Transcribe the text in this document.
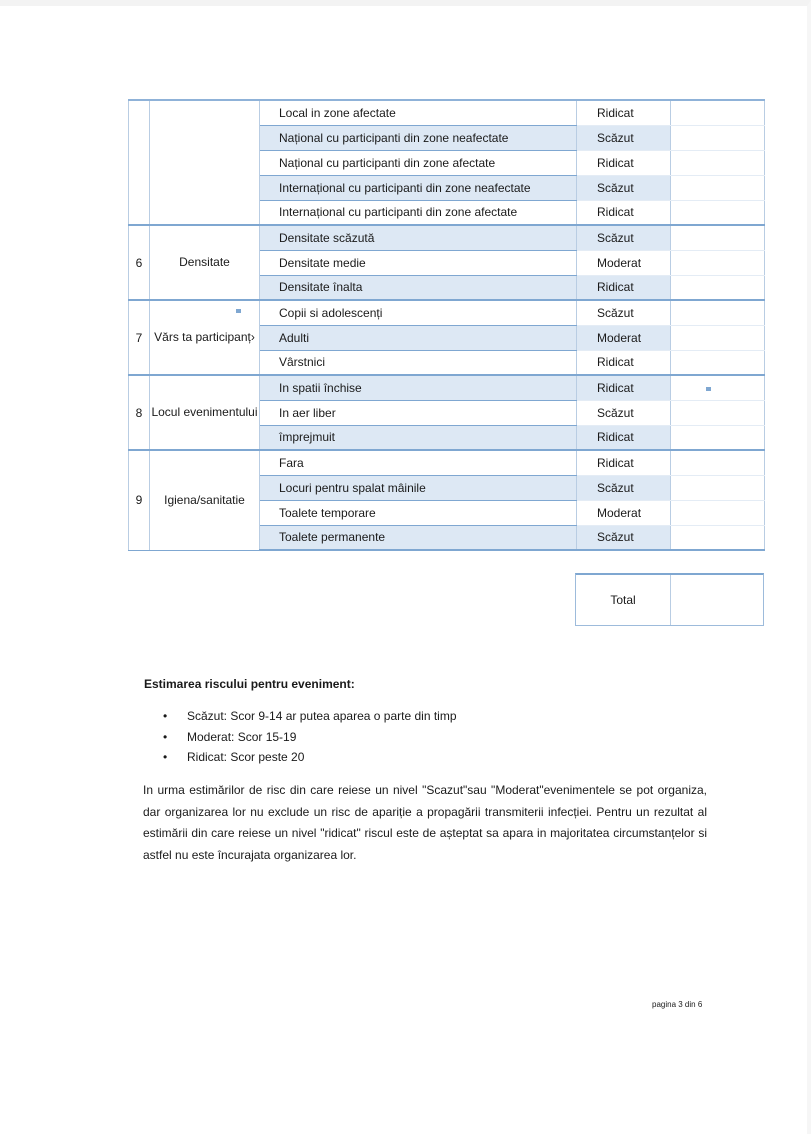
		Local in zone afectate	Ridicat	
		Național cu participanti din zone neafectate	Scăzut	
		Național cu participanti din zone afectate	Ridicat	
		Internațional cu participanti din zone neafectate	Scăzut	
		Internațional cu participanti din zone afectate	Ridicat	
6	Densitate	Densitate scăzută	Scăzut	
		Densitate medie	Moderat	
		Densitate înalta	Ridicat	
7	Vărs ta participanț›	Copii si adolescenți	Scăzut	
		Adulti	Moderat	
		Vârstnici	Ridicat	
8	Locul evenimentului	In spatii închise	Ridicat	
		In aer liber	Scăzut	
		împrejmuit	Ridicat	
9	Igiena/sanitatie	Fara	Ridicat	
		Locuri pentru spalat mâinile	Scăzut	
		Toalete temporare	Moderat	
		Toalete permanente	Scăzut	
Total
Estimarea riscului pentru eveniment:
• Scăzut: Scor 9-14 ar putea aparea o parte din timp
• Moderat: Scor 15-19
• Ridicat: Scor peste 20
In urma estimărilor de risc din care reiese un nivel "Scazut"sau "Moderat"evenimentele se pot organiza, dar organizarea lor nu exclude un risc de apariție a propagării transmiterii infecției. Pentru un rezultat al estimării din care reiese un nivel "ridicat" riscul este de așteptat sa apara in majoritatea circumstanțelor si astfel nu este încurajata organizarea lor.
pagina 3 din 6
